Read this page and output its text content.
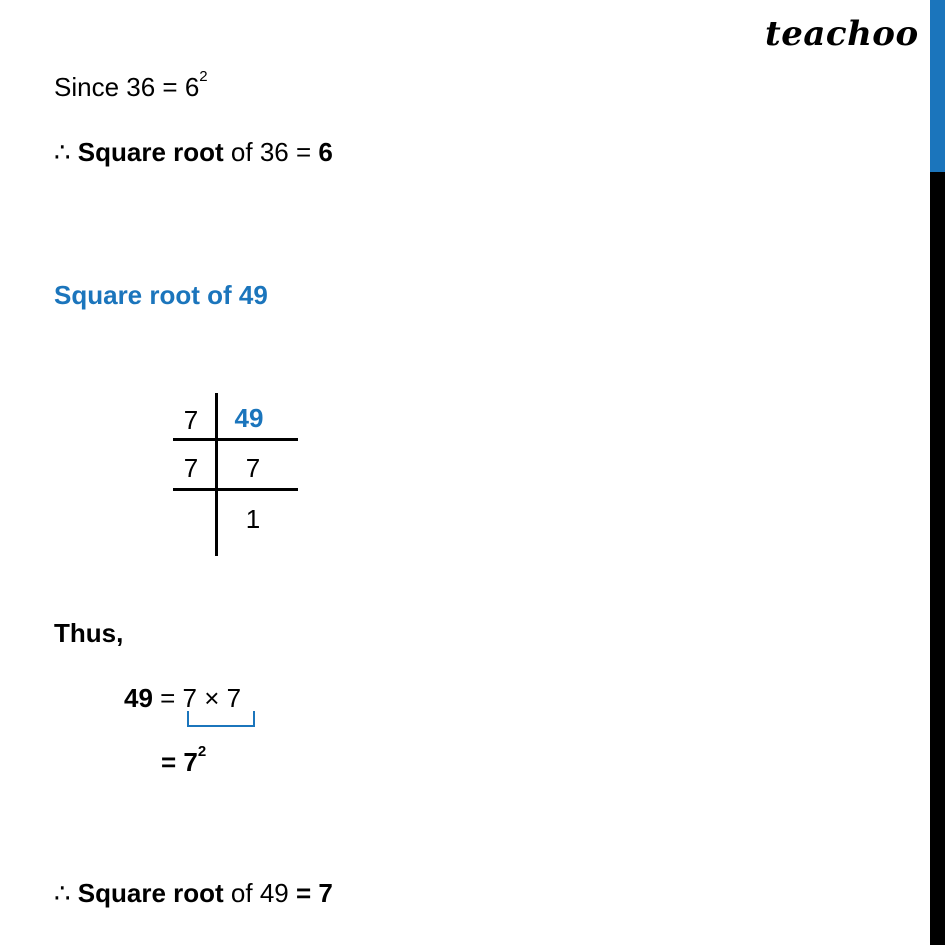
teachoo
Since $36 = 6^2$
∴ Square root of 36 = 6
Square root of 49
7	49
7	7
1
Thus,
49 = 7 × 7
= $7^2$
∴ Square root of 49 = 7
